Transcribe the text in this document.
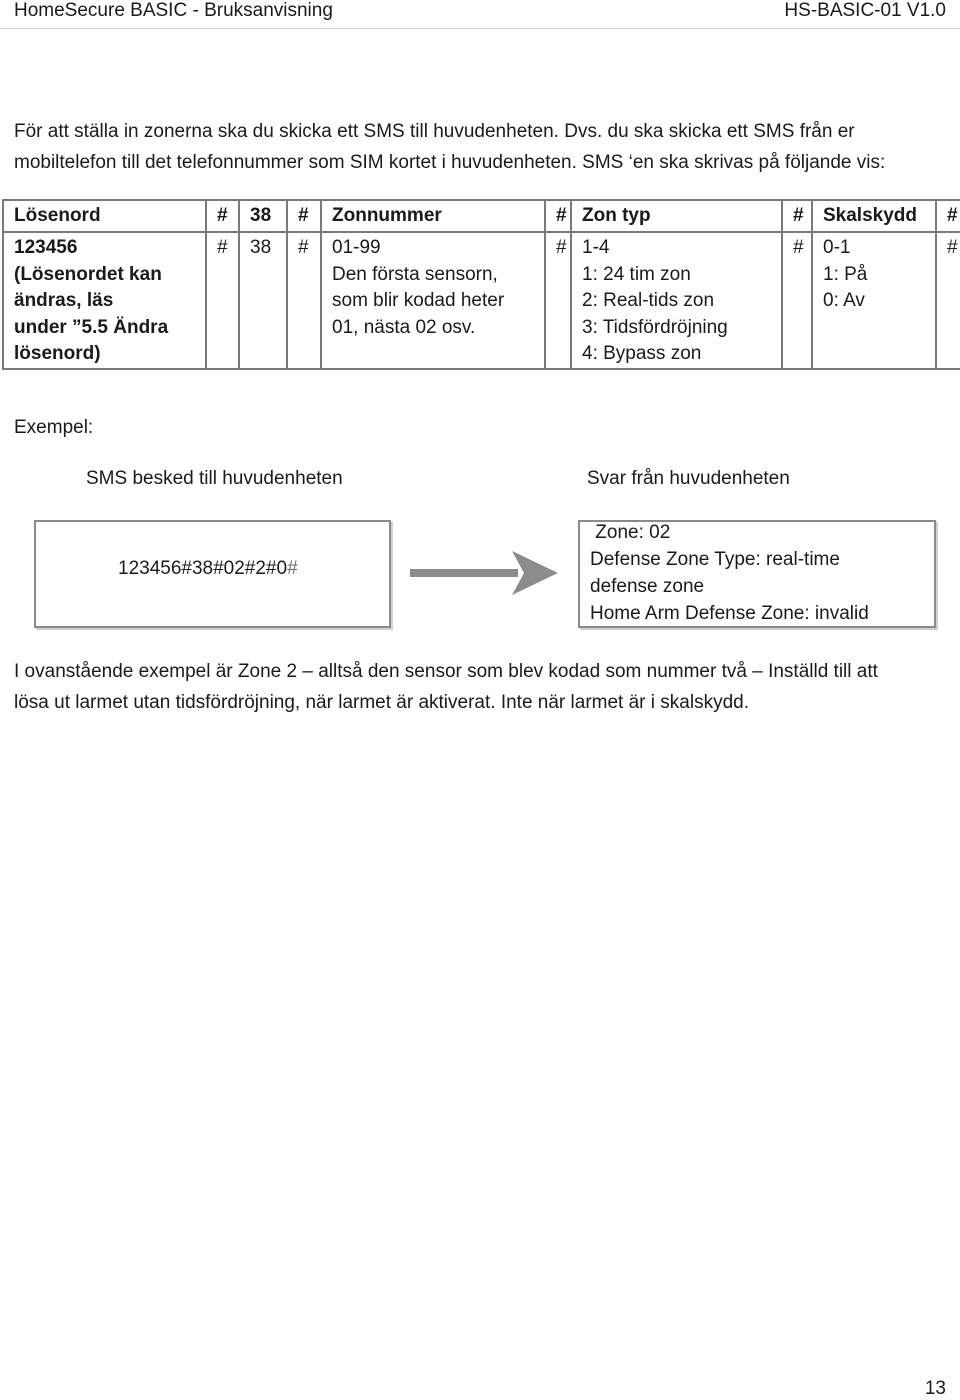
HomeSecure BASIC - Bruksanvisning	HS-BASIC-01 V1.0
För att ställa in zonerna ska du skicka ett SMS till huvudenheten. Dvs. du ska skicka ett SMS från er
mobiltelefon till det telefonnummer som SIM kortet i huvudenheten. SMS ‘en ska skrivas på följande vis:
Lösenord	#	38	#	Zonnummer	#	Zon typ	#	Skalskydd	#

123456
(Lösenordet kan
ändras, läs
under ”5.5 Ändra
lösenord)	#	38	#	01-99
Den första sensorn,
som blir kodad heter
01, nästa 02 osv.	#	1-4
1: 24 tim zon
2: Real-tids zon
3: Tidsfördröjning
4: Bypass zon	#	0-1
1: På
0: Av	#
Exempel:
SMS besked till huvudenheten	Svar från huvudenheten
123456#38#02#2#0#
Zone: 02
Defense Zone Type: real-time
defense zone
Home Arm Defense Zone: invalid
I ovanstående exempel är Zone 2 – alltså den sensor som blev kodad som nummer två – Inställd till att
lösa ut larmet utan tidsfördröjning, när larmet är aktiverat. Inte när larmet är i skalskydd.
13
